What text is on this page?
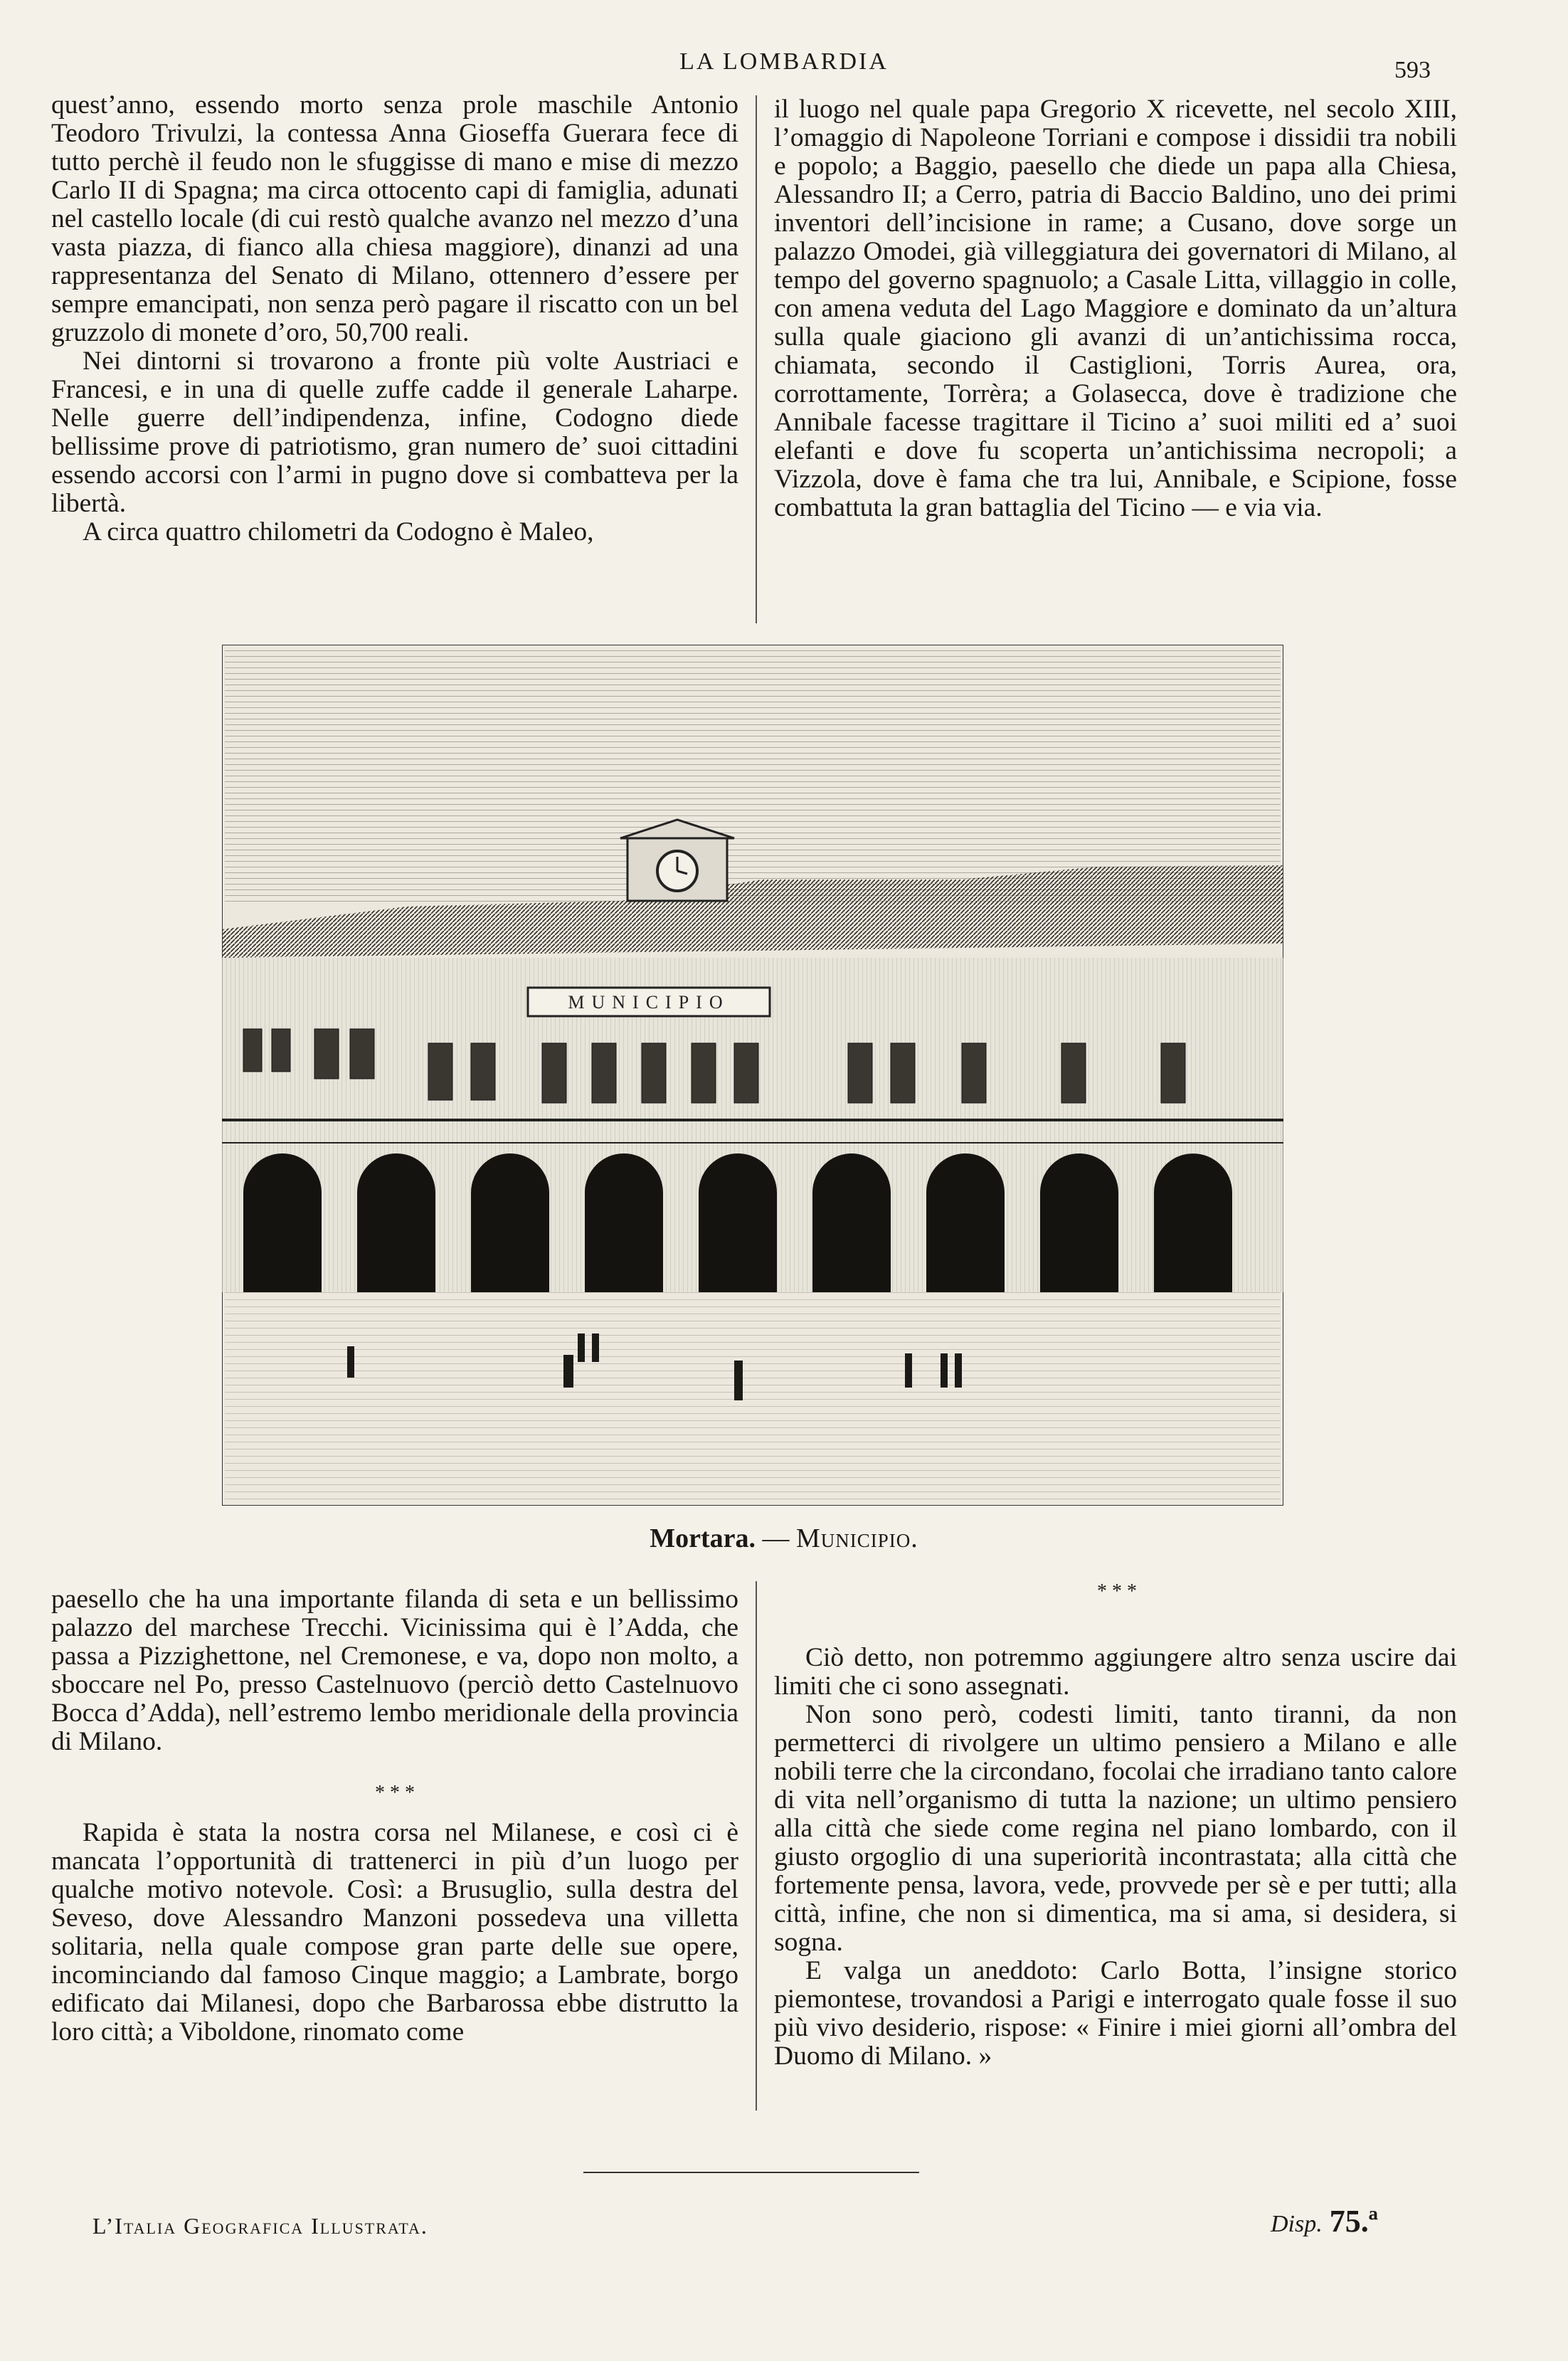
LA LOMBARDIA	593

quest’anno, essendo morto senza prole maschile Antonio Teodoro Trivulzi, la contessa Anna Gioseffa Guerara fece di tutto perchè il feudo non le sfuggisse di mano e mise di mezzo Carlo II di Spagna; ma circa ottocento capi di famiglia, adunati nel castello locale (di cui restò qualche avanzo nel mezzo d’una vasta piazza, di fianco alla chiesa maggiore), dinanzi ad una rappresentanza del Senato di Milano, ottennero d’essere per sempre emancipati, non senza però pagare il riscatto con un bel gruzzolo di monete d’oro, 50,700 reali.

Nei dintorni si trovarono a fronte più volte Austriaci e Francesi, e in una di quelle zuffe cadde il generale Laharpe. Nelle guerre dell’indipendenza, infine, Codogno diede bellissime prove di patriotismo, gran numero de’ suoi cittadini essendo accorsi con l’armi in pugno dove si combatteva per la libertà.

A circa quattro chilometri da Codogno è Maleo,

il luogo nel quale papa Gregorio X ricevette, nel secolo XIII, l’omaggio di Napoleone Torriani e compose i dissidii tra nobili e popolo; a Baggio, paesello che diede un papa alla Chiesa, Alessandro II; a Cerro, patria di Baccio Baldino, uno dei primi inventori dell’incisione in rame; a Cusano, dove sorge un palazzo Omodei, già villeggiatura dei governatori di Milano, al tempo del governo spagnuolo; a Casale Litta, villaggio in colle, con amena veduta del Lago Maggiore e dominato da un’altura sulla quale giaciono gli avanzi di un’antichissima rocca, chiamata, secondo il Castiglioni, Torris Aurea, ora, corrottamente, Torrèra; a Golasecca, dove è tradizione che Annibale facesse tragittare il Ticino a’ suoi militi ed a’ suoi elefanti e dove fu scoperta un’antichissima necropoli; a Vizzola, dove è fama che tra lui, Annibale, e Scipione, fosse combattuta la gran battaglia del Ticino — e via via.

MUNICIPIO
Mortara. — Municipio.

paesello che ha una importante filanda di seta e un bellissimo palazzo del marchese Trecchi. Vicinissima qui è l’Adda, che passa a Pizzighettone, nel Cremonese, e va, dopo non molto, a sboccare nel Po, presso Castelnuovo (perciò detto Castelnuovo Bocca d’Adda), nell’estremo lembo meridionale della provincia di Milano.

* * *

Rapida è stata la nostra corsa nel Milanese, e così ci è mancata l’opportunità di trattenerci in più d’un luogo per qualche motivo notevole. Così: a Brusuglio, sulla destra del Seveso, dove Alessandro Manzoni possedeva una villetta solitaria, nella quale compose gran parte delle sue opere, incominciando dal famoso Cinque maggio; a Lambrate, borgo edificato dai Milanesi, dopo che Barbarossa ebbe distrutto la loro città; a Viboldone, rinomato come

* * *

Ciò detto, non potremmo aggiungere altro senza uscire dai limiti che ci sono assegnati.

Non sono però, codesti limiti, tanto tiranni, da non permetterci di rivolgere un ultimo pensiero a Milano e alle nobili terre che la circondano, focolai che irradiano tanto calore di vita nell’organismo di tutta la nazione; un ultimo pensiero alla città che siede come regina nel piano lombardo, con il giusto orgoglio di una superiorità incontrastata; alla città che fortemente pensa, lavora, vede, provvede per sè e per tutti; alla città, infine, che non si dimentica, ma si ama, si desidera, si sogna.

E valga un aneddoto: Carlo Botta, l’insigne storico piemontese, trovandosi a Parigi e interrogato quale fosse il suo più vivo desiderio, rispose: « Finire i miei giorni all’ombra del Duomo di Milano. »

L’Italia Geografica Illustrata.	Disp. 75.ª
